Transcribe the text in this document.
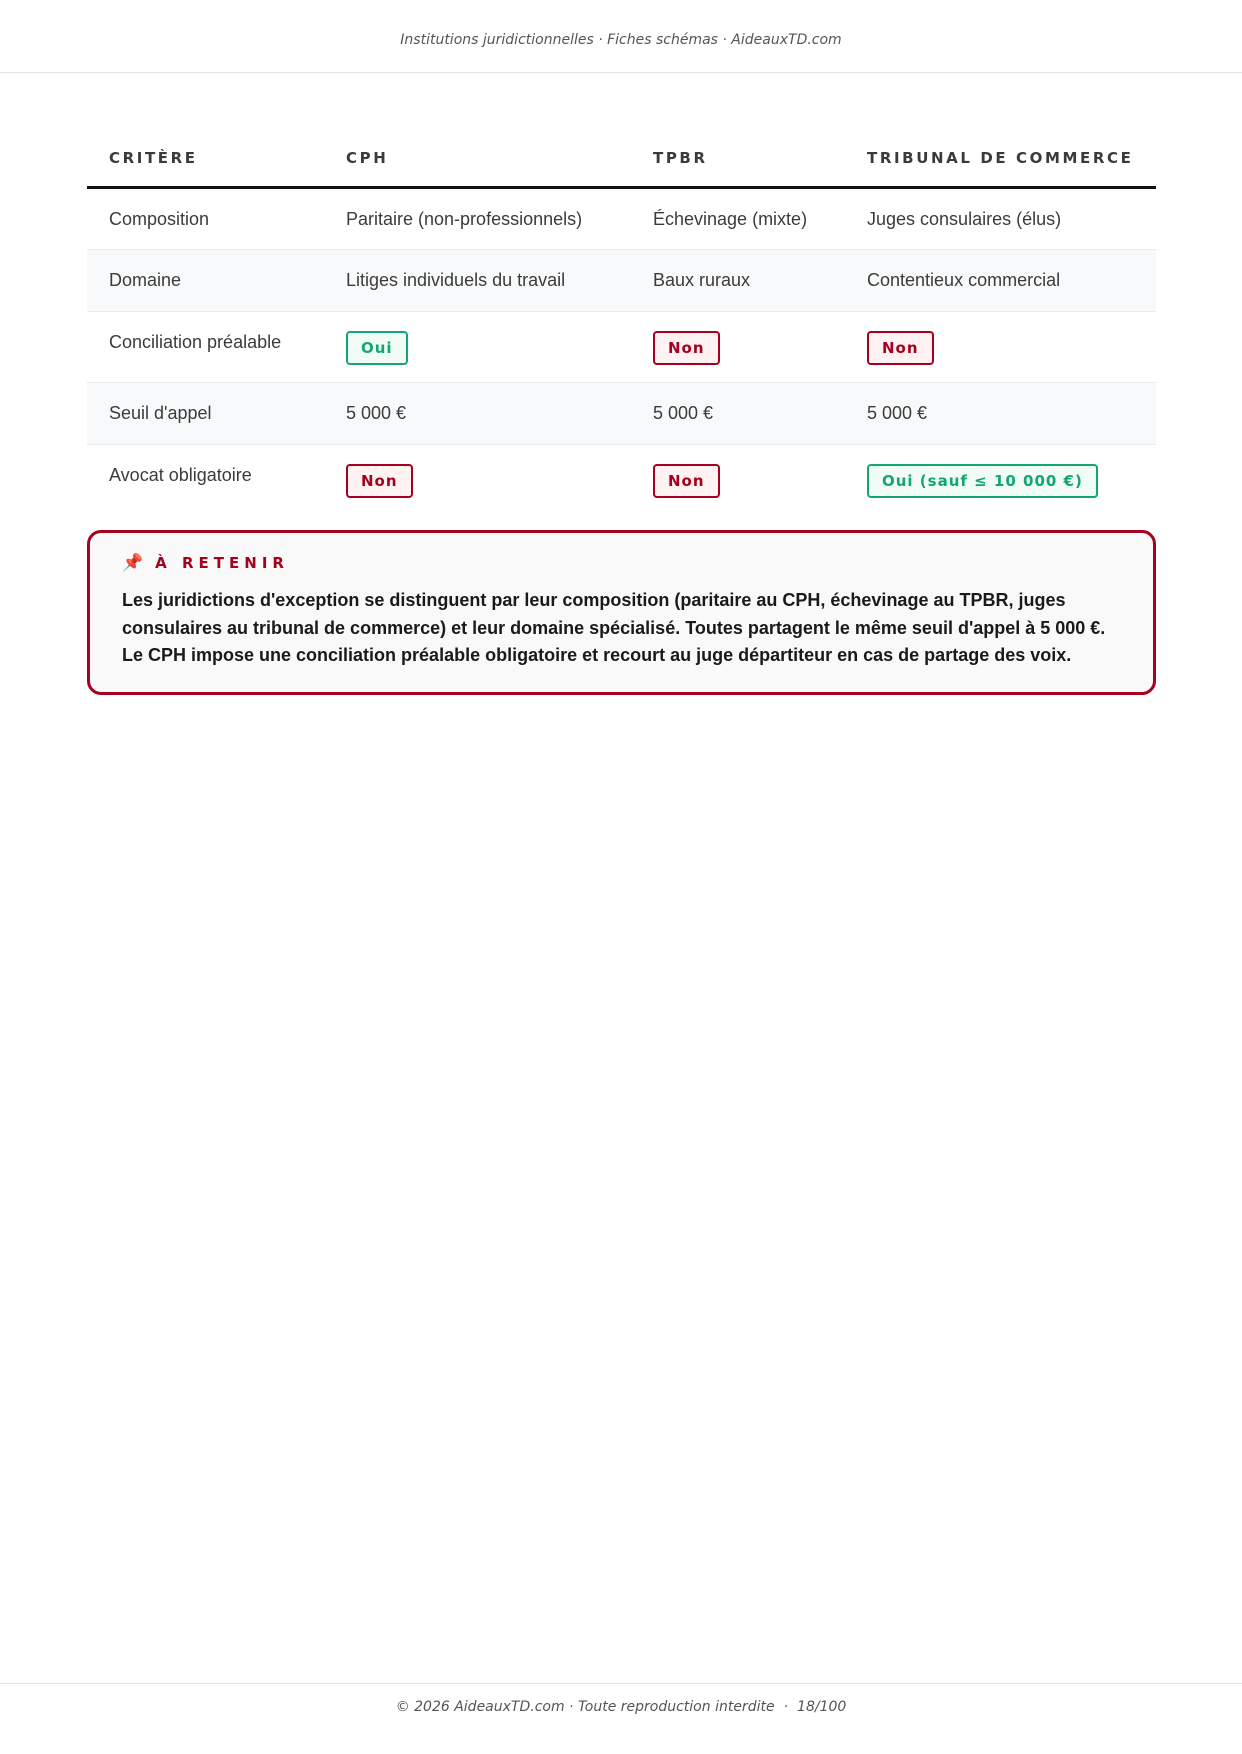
Institutions juridictionnelles · Fiches schémas · AideauxTD.com
CRITÈRE	CPH	TPBR	TRIBUNAL DE COMMERCE
Composition	Paritaire (non-professionnels)	Échevinage (mixte)	Juges consulaires (élus)
Domaine	Litiges individuels du travail	Baux ruraux	Contentieux commercial
Conciliation préalable	Oui	Non	Non
Seuil d'appel	5 000 €	5 000 €	5 000 €
Avocat obligatoire	Non	Non	Oui (sauf ≤ 10 000 €)
📌 À RETENIR

Les juridictions d'exception se distinguent par leur composition (paritaire au CPH, échevinage au TPBR, juges consulaires au tribunal de commerce) et leur domaine spécialisé. Toutes partagent le même seuil d'appel à 5 000 €. Le CPH impose une conciliation préalable obligatoire et recourt au juge départiteur en cas de partage des voix.

© 2026 AideauxTD.com · Toute reproduction interdite · 18/100
